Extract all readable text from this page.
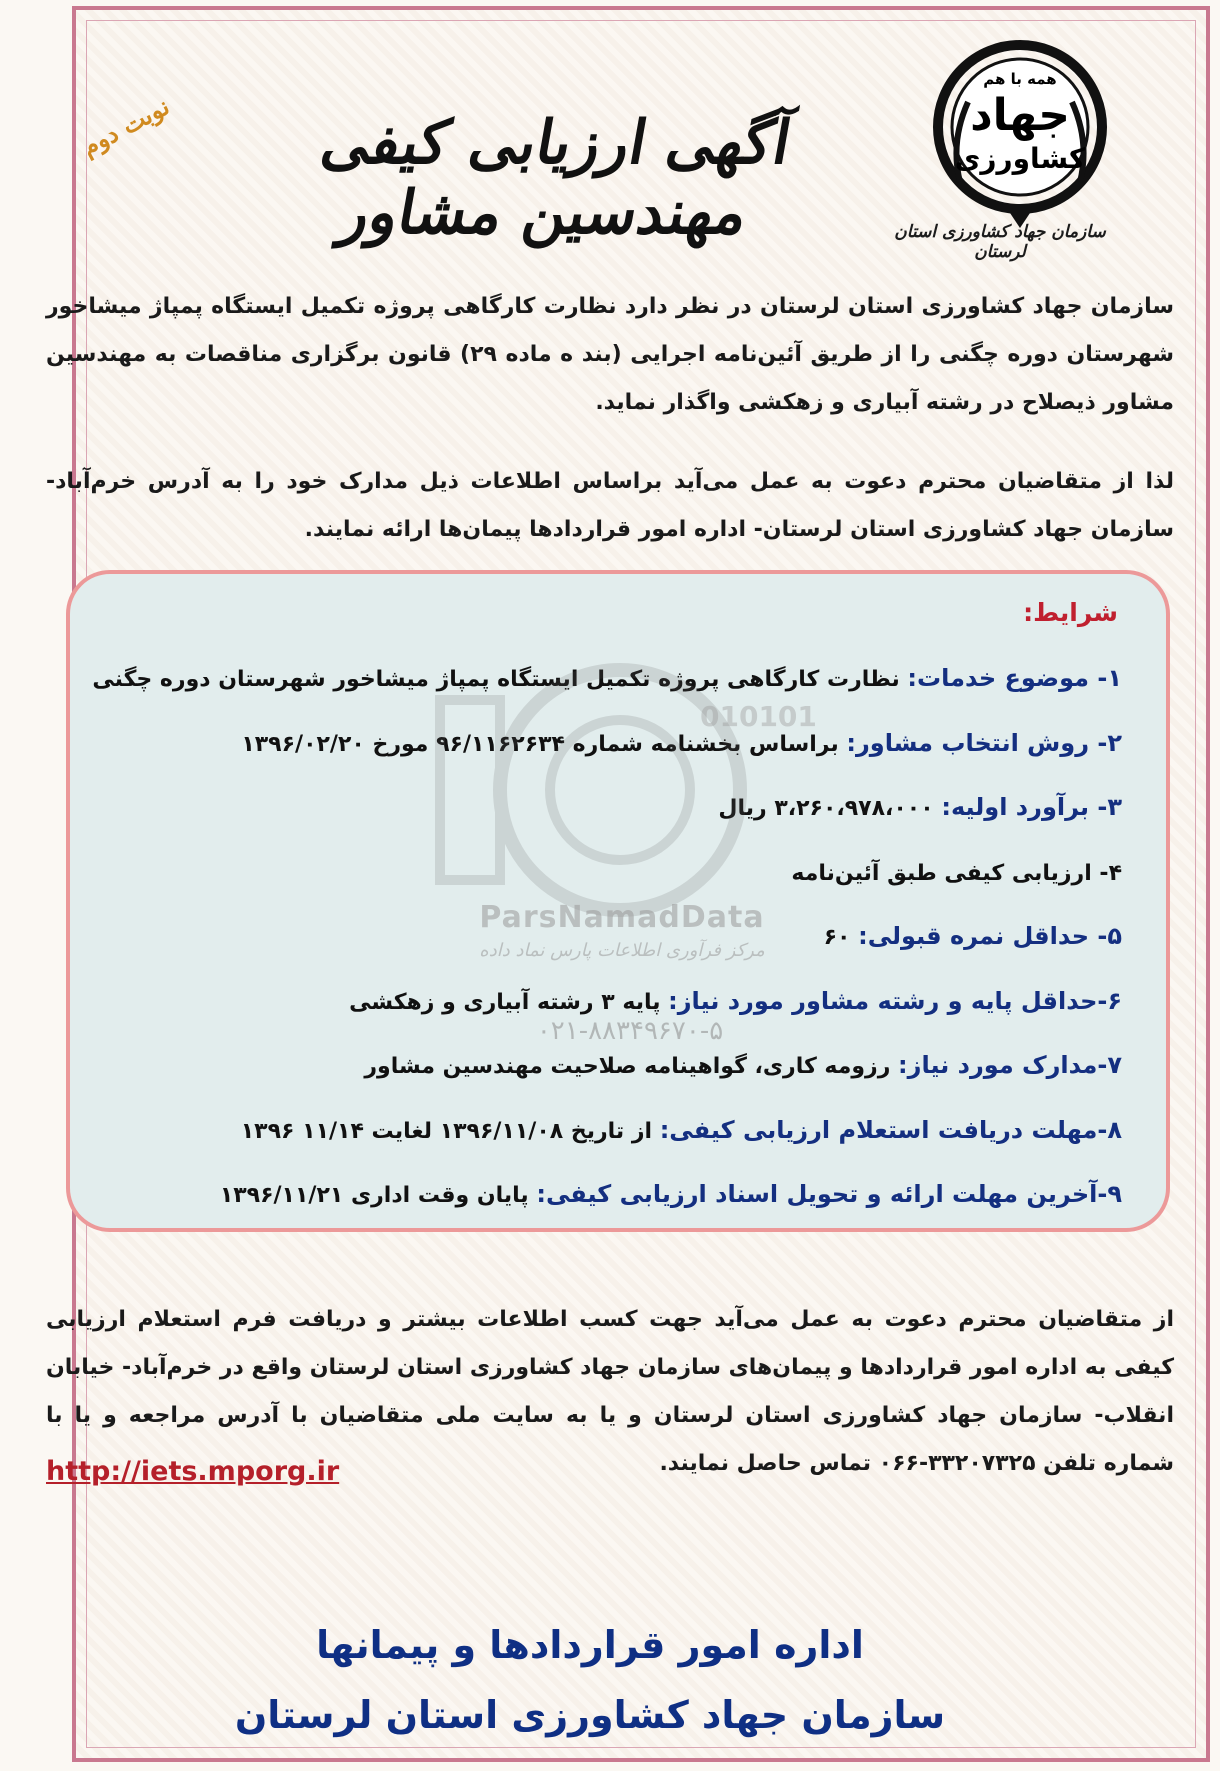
همه با هم
جهاد
کشاورزی
سازمان جهاد کشاورزی استان لرستان
نوبت دوم	آگهی ارزیابی کیفی مهندسین مشاور
سازمان جهاد کشاورزی استان لرستان در نظر دارد نظارت کارگاهی پروژه تکمیل ایستگاه پمپاژ میشاخور شهرستان دوره چگنی را از طریق آئین‌نامه اجرایی (بند ه ماده ۲۹) قانون برگزاری مناقصات به مهندسین مشاور ذیصلاح در رشته آبیاری و زهکشی واگذار نماید.
لذا از متقاضیان محترم دعوت به عمل می‌آید براساس اطلاعات ذیل مدارک خود را به آدرس خرم‌آباد- سازمان جهاد کشاورزی استان لرستان- اداره امور قراردادها پیمان‌ها ارائه نمایند.
شرایط:
۱- موضوع خدمات: نظارت کارگاهی پروژه تکمیل ایستگاه پمپاژ میشاخور شهرستان دوره چگنی
۲- روش انتخاب مشاور: براساس بخشنامه شماره ۹۶/۱۱۶۲۶۳۴ مورخ ۱۳۹۶/۰۲/۲۰
۳- برآورد اولیه: ۳،۲۶۰،۹۷۸،۰۰۰ ریال
۴- ارزیابی کیفی طبق آئین‌نامه
۵- حداقل نمره قبولی: ۶۰
۶-حداقل پایه و رشته مشاور مورد نیاز: پایه ۳ رشته آبیاری و زهکشی
۷-مدارک مورد نیاز: رزومه کاری، گواهینامه صلاحیت مهندسین مشاور
۸-مهلت دریافت استعلام ارزیابی کیفی: از تاریخ ۱۳۹۶/۱۱/۰۸ لغایت ۱۱/۱۴ ۱۳۹۶
۹-آخرین مهلت ارائه و تحویل اسناد ارزیابی کیفی: پایان وقت اداری ۱۳۹۶/۱۱/۲۱
010101
ParsNamadData
مرکز فرآوری اطلاعات پارس نماد داده
۰۲۱-۸۸۳۴۹۶۷۰-۵
از متقاضیان محترم دعوت به عمل می‌آید جهت کسب اطلاعات بیشتر و دریافت فرم استعلام ارزیابی کیفی به اداره امور قراردادها و پیمان‌های سازمان جهاد کشاورزی استان لرستان واقع در خرم‌آباد- خیابان انقلاب- سازمان جهاد کشاورزی استان لرستان و یا به سایت ملی متقاضیان با آدرس مراجعه و یا با شماره تلفن ۳۳۲۰۷۳۲۵-۰۶۶ تماس حاصل نمایند.
http://iets.mporg.ir
اداره امور قراردادها و پیمانها
سازمان جهاد کشاورزی استان لرستان
